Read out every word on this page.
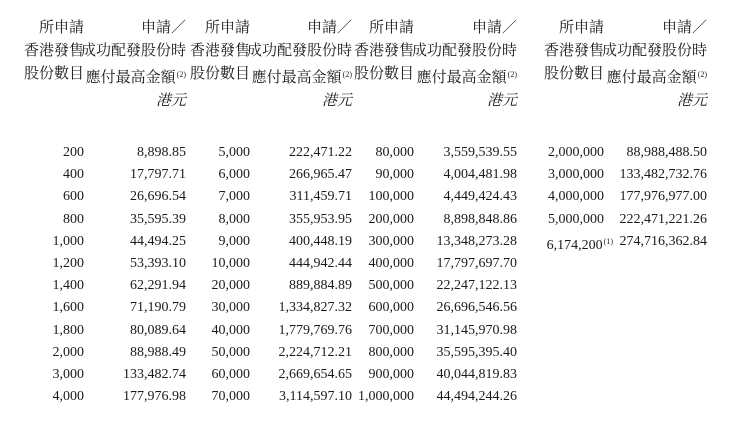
所申請
香港發售
股份數目
申請／
成功配發股份時
應付最高金額$^{(2)}$
港元
200	8,898.85
400	17,797.71
600	26,696.54
800	35,595.39
1,000	44,494.25
1,200	53,393.10
1,400	62,291.94
1,600	71,190.79
1,800	80,089.64
2,000	88,988.49
3,000	133,482.74
4,000	177,976.98
所申請
香港發售
股份數目
申請／
成功配發股份時
應付最高金額$^{(2)}$
港元
5,000	222,471.22
6,000	266,965.47
7,000	311,459.71
8,000	355,953.95
9,000	400,448.19
10,000	444,942.44
20,000	889,884.89
30,000 1,334,827.32
40,000 1,779,769.76
50,000 2,224,712.21
60,000 2,669,654.65
70,000 3,114,597.10
所申請
香港發售
股份數目
申請／
成功配發股份時
應付最高金額$^{(2)}$
港元
80,000 3,559,539.55
90,000 4,004,481.98
100,000 4,449,424.43
200,000 8,898,848.86
300,000 13,348,273.28
400,000 17,797,697.70
500,000 22,247,122.13
600,000 26,696,546.56
700,000 31,145,970.98
800,000 35,595,395.40
900,000 40,044,819.83
1,000,000 44,494,244.26
所申請
香港發售
股份數目
申請／
成功配發股份時
應付最高金額$^{(2)}$
港元
2,000,000 88,988,488.50
3,000,000 133,482,732.76
4,000,000 177,976,977.00
5,000,000 222,471,221.26
6,174,200$^{(1)}$ 274,716,362.84
